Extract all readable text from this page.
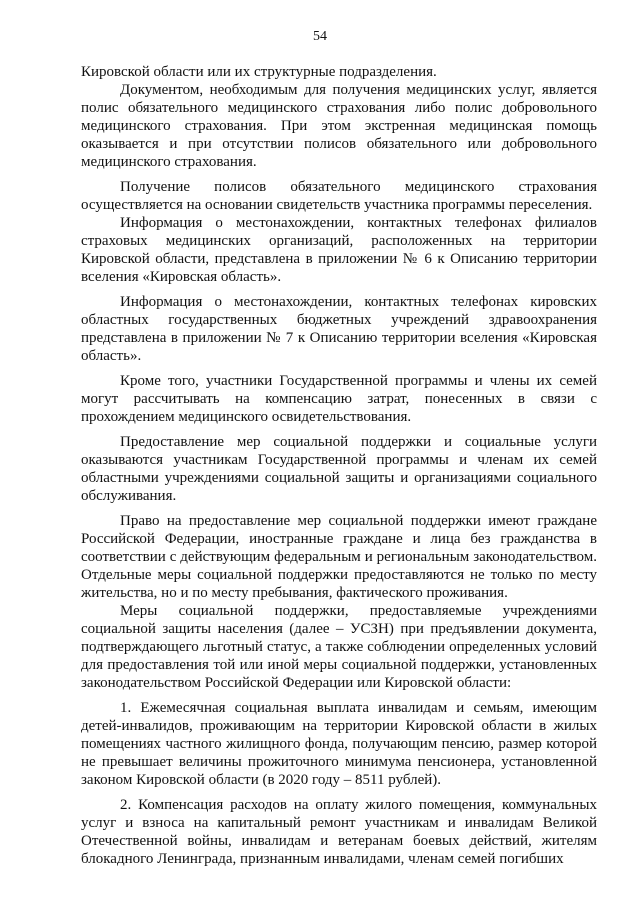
54

Кировской области или их структурные подразделения.

Документом, необходимым для получения медицинских услуг, является полис обязательного медицинского страхования либо полис добровольного медицинского страхования. При этом экстренная медицинская помощь оказывается и при отсутствии полисов обязательного или добровольного медицинского страхования.

Получение полисов обязательного медицинского страхования осуществляется на основании свидетельств участника программы переселения.

Информация о местонахождении, контактных телефонах филиалов страховых медицинских организаций, расположенных на территории Кировской области, представлена в приложении № 6 к Описанию территории вселения «Кировская область».

Информация о местонахождении, контактных телефонах кировских областных государственных бюджетных учреждений здравоохранения представлена в приложении № 7 к Описанию территории вселения «Кировская область».

Кроме того, участники Государственной программы и члены их семей могут рассчитывать на компенсацию затрат, понесенных в связи с прохождением медицинского освидетельствования.

Предоставление мер социальной поддержки и социальные услуги оказываются участникам Государственной программы и членам их семей областными учреждениями социальной защиты и организациями социального обслуживания.

Право на предоставление мер социальной поддержки имеют граждане Российской Федерации, иностранные граждане и лица без гражданства в соответствии с действующим федеральным и региональным законодательством. Отдельные меры социальной поддержки предоставляются не только по месту жительства, но и по месту пребывания, фактического проживания.

Меры социальной поддержки, предоставляемые учреждениями социальной защиты населения (далее – УСЗН) при предъявлении документа, подтверждающего льготный статус, а также соблюдении определенных условий для предоставления той или иной меры социальной поддержки, установленных законодательством Российской Федерации или Кировской области:

1. Ежемесячная социальная выплата инвалидам и семьям, имеющим детей-инвалидов, проживающим на территории Кировской области в жилых помещениях частного жилищного фонда, получающим пенсию, размер которой не превышает величины прожиточного минимума пенсионера, установленной законом Кировской области (в 2020 году – 8511 рублей).

2. Компенсация расходов на оплату жилого помещения, коммунальных услуг и взноса на капитальный ремонт участникам и инвалидам Великой Отечественной войны, инвалидам и ветеранам боевых действий, жителям блокадного Ленинграда, признанным инвалидами, членам семей погибших
